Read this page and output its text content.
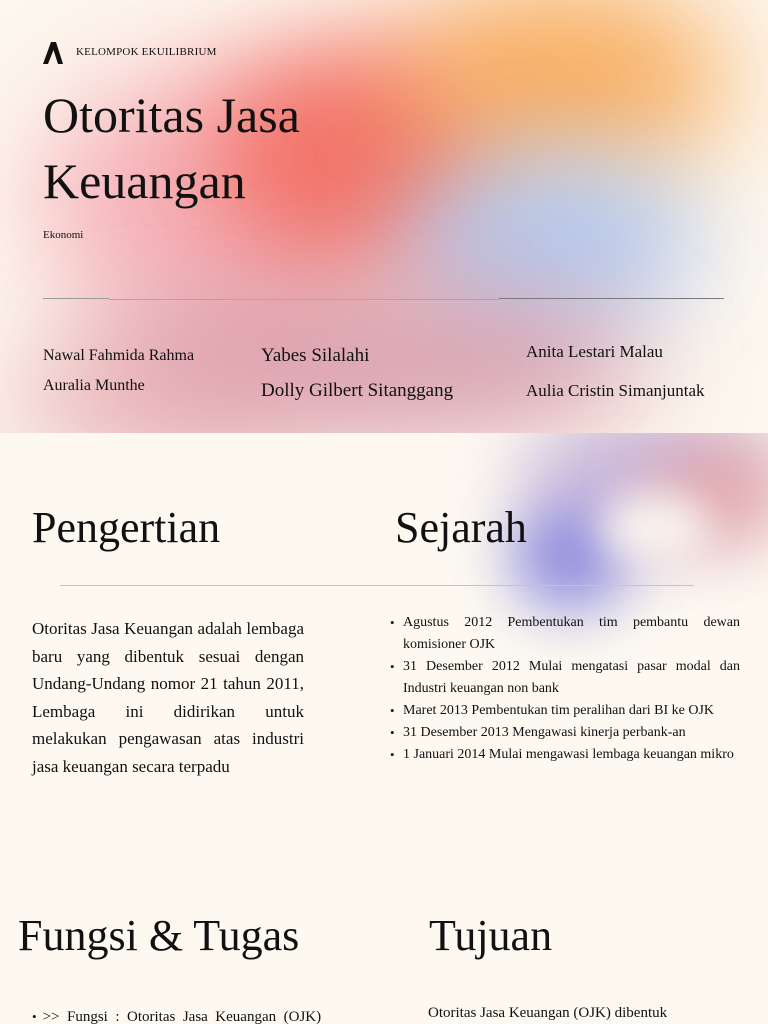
KELOMPOK EKUILIBRIUM

Otoritas Jasa
Keuangan

Ekonomi

Nawal Fahmida Rahma

Auralia Munthe

Yabes Silalahi

Dolly Gilbert Sitanggang

Anita Lestari Malau

Aulia Cristin Simanjuntak

Pengertian	Sejarah

Otoritas Jasa Keuangan adalah lembaga baru yang dibentuk sesuai dengan Undang-Undang nomor 21 tahun 2011, Lembaga ini didirikan untuk melakukan pengawasan atas industri jasa keuangan secara terpadu

• Agustus 2012 Pembentukan tim pembantu dewan komisioner OJK
• 31 Desember 2012 Mulai mengatasi pasar modal dan Industri keuangan non bank
• Maret 2013 Pembentukan tim peralihan dari BI ke OJK
• 31 Desember 2013 Mengawasi kinerja perbank-an
• 1 Januari 2014 Mulai mengawasi lembaga keuangan mikro
Fungsi & Tugas	Tujuan

• >>  Fungsi  :  Otoritas  Jasa  Keuangan  (OJK)	Otoritas Jasa Keuangan (OJK) dibentuk
